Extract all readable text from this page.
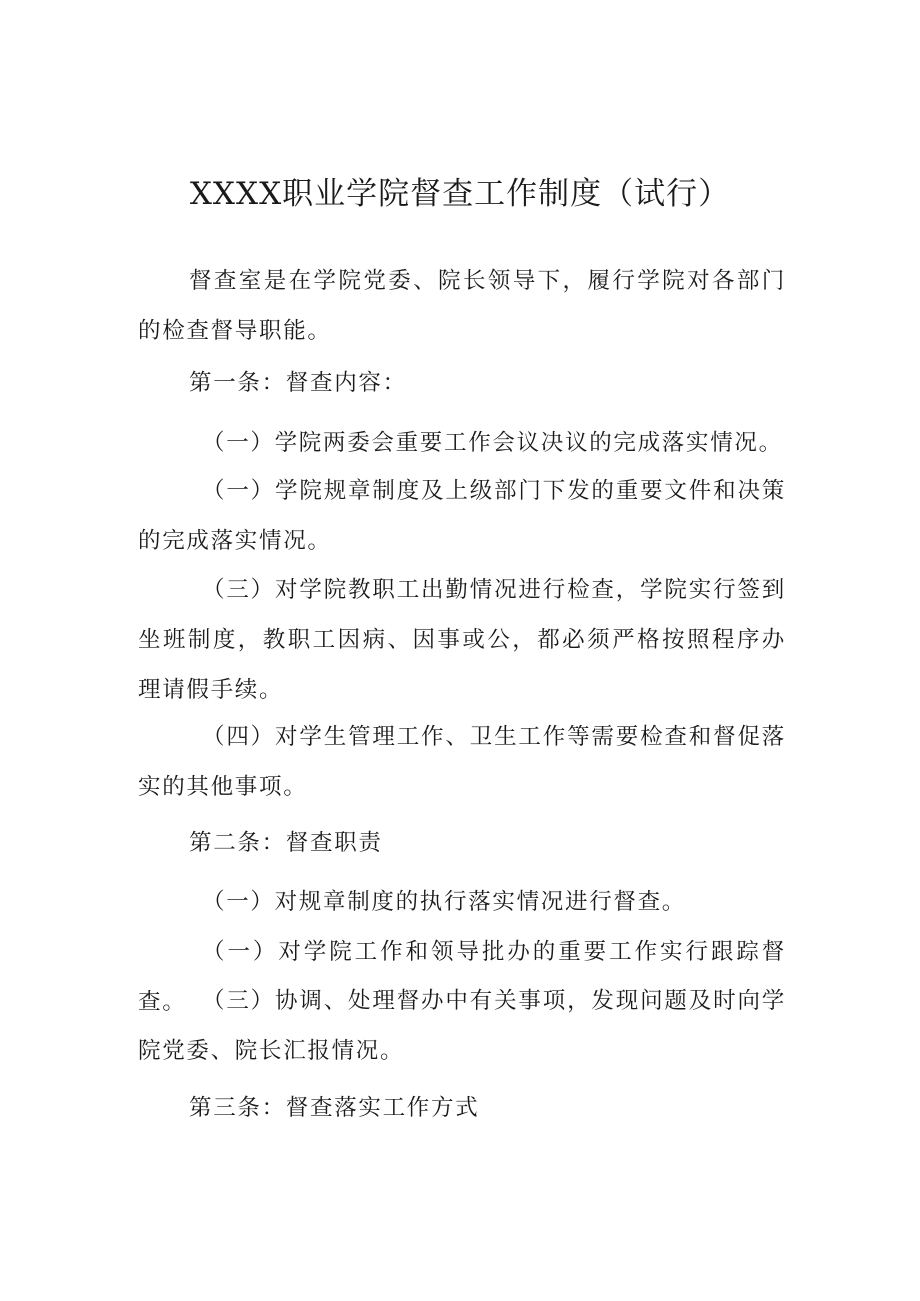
XXXX职业学院督查工作制度（试行）
督查室是在学院党委、院长领导下，履行学院对各部门的检查督导职能。
第一条：督查内容：
（一）学院两委会重要工作会议决议的完成落实情况。
（一）学院规章制度及上级部门下发的重要文件和决策的完成落实情况。
（三）对学院教职工出勤情况进行检查，学院实行签到坐班制度，教职工因病、因事或公，都必须严格按照程序办理请假手续。
（四）对学生管理工作、卫生工作等需要检查和督促落实的其他事项。
第二条：督查职责
（一）对规章制度的执行落实情况进行督查。
（一）对学院工作和领导批办的重要工作实行跟踪督查。 （三）协调、处理督办中有关事项，发现问题及时向学院党委、院长汇报情况。
第三条：督查落实工作方式
